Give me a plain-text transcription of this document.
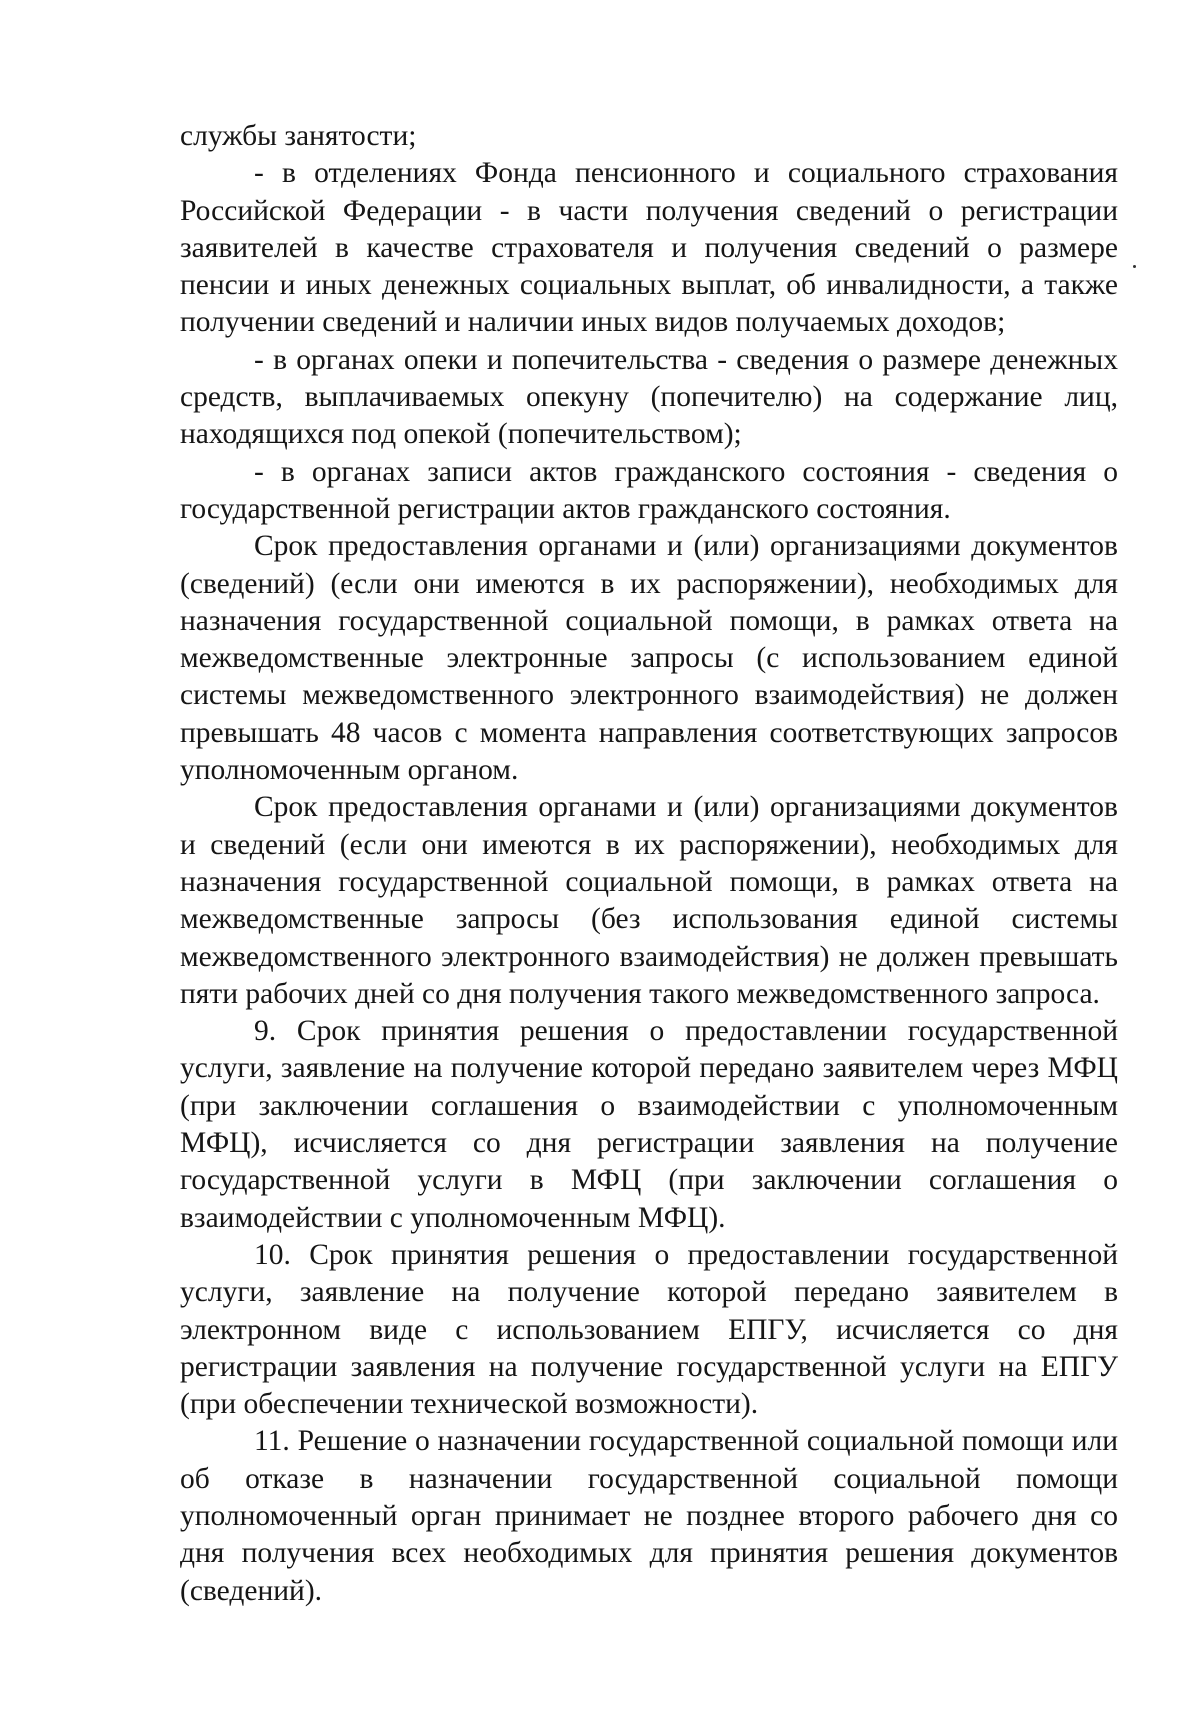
службы занятости;

- в отделениях Фонда пенсионного и социального страхования Российской Федерации - в части получения сведений о регистрации заявителей в качестве страхователя и получения сведений о размере пенсии и иных денежных социальных выплат, об инвалидности, а также получении сведений и наличии иных видов получаемых доходов;

- в органах опеки и попечительства - сведения о размере денежных средств, выплачиваемых опекуну (попечителю) на содержание лиц, находящихся под опекой (попечительством);

- в органах записи актов гражданского состояния - сведения о государственной регистрации актов гражданского состояния.

Срок предоставления органами и (или) организациями документов (сведений) (если они имеются в их распоряжении), необходимых для назначения государственной социальной помощи, в рамках ответа на межведомственные электронные запросы (с использованием единой системы межведомственного электронного взаимодействия) не должен превышать 48 часов с момента направления соответствующих запросов уполномоченным органом.

Срок предоставления органами и (или) организациями документов и сведений (если они имеются в их распоряжении), необходимых для назначения государственной социальной помощи, в рамках ответа на межведомственные запросы (без использования единой системы межведомственного электронного взаимодействия) не должен превышать пяти рабочих дней со дня получения такого межведомственного запроса.

9. Срок принятия решения о предоставлении государственной услуги, заявление на получение которой передано заявителем через МФЦ (при заключении соглашения о взаимодействии с уполномоченным МФЦ), исчисляется со дня регистрации заявления на получение государственной услуги в МФЦ (при заключении соглашения о взаимодействии с уполномоченным МФЦ).

10. Срок принятия решения о предоставлении государственной услуги, заявление на получение которой передано заявителем в электронном виде с использованием ЕПГУ, исчисляется со дня регистрации заявления на получение государственной услуги на ЕПГУ (при обеспечении технической возможности).

11. Решение о назначении государственной социальной помощи или об отказе в назначении государственной социальной помощи уполномоченный орган принимает не позднее второго рабочего дня со дня получения всех необходимых для принятия решения документов (сведений).
